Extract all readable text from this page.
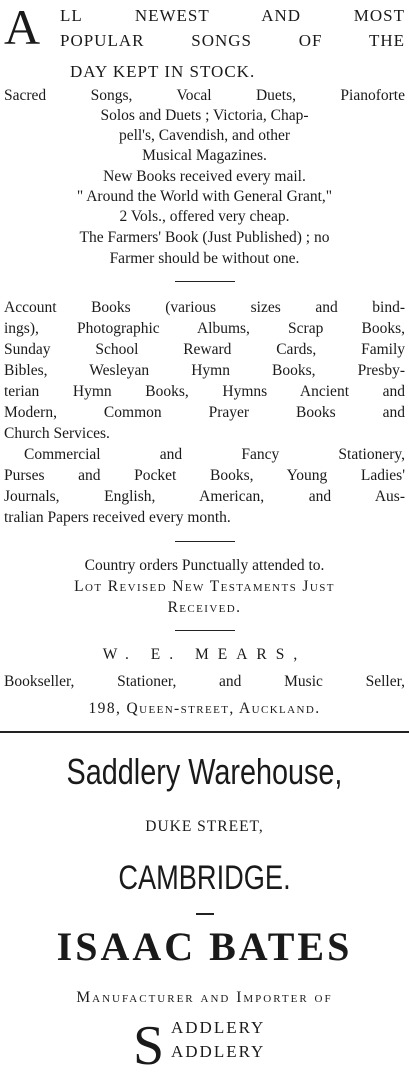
A LL NEWEST AND MOST
POPULAR SONGS OF THE
DAY KEPT IN STOCK.
Sacred Songs, Vocal Duets, Pianoforte
Solos and Duets ; Victoria, Chap-
pell's, Cavendish, and other
Musical Magazines.
New Books received every mail.
" Around the World with General Grant,"
2 Vols., offered very cheap.
The Farmers' Book (Just Published) ; no
Farmer should be without one.
Account Books (various sizes and bind-
ings), Photographic Albums, Scrap Books,
Sunday School Reward Cards, Family
Bibles, Wesleyan Hymn Books, Presby-
terian Hymn Books, Hymns Ancient and
Modern, Common Prayer Books and
Church Services.
Commercial and Fancy Stationery,
Purses and Pocket Books, Young Ladies'
Journals, English, American, and Aus-
tralian Papers received every month.
Country orders Punctually attended to.
Lot Revised New Testaments Just
Received.
W. E. MEARS,
Bookseller, Stationer, and Music Seller,
198, Queen-street, Auckland.
Saddlery Warehouse,
DUKE STREET,
CAMBRIDGE.
ISAAC BATES
Manufacturer and Importer of
S ADDLERY
ADDLERY
